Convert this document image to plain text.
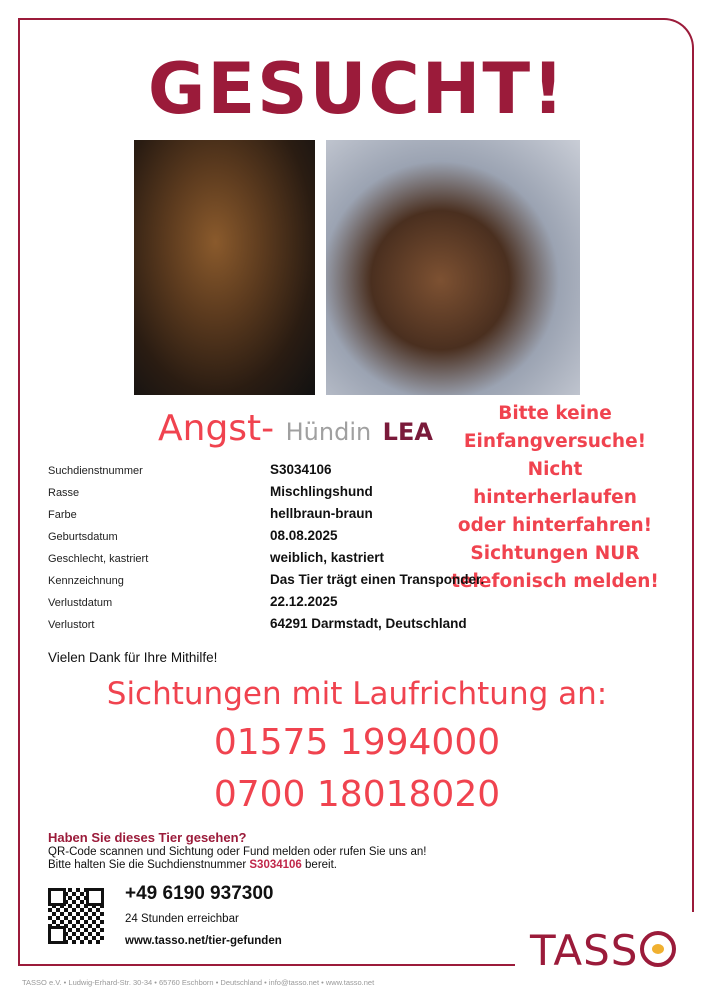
GESUCHT!
Angst- Hündin LEA
Bitte keine
Einfangversuche!
Nicht hinterherlaufen
oder hinterfahren!
Sichtungen NUR
telefonisch melden!
Suchdienstnummer	S3034106
Rasse	Mischlingshund
Farbe	hellbraun-braun
Geburtsdatum	08.08.2025
Geschlecht, kastriert	weiblich, kastriert
Kennzeichnung	Das Tier trägt einen Transponder.
Verlustdatum	22.12.2025
Verlustort	64291 Darmstadt, Deutschland
Vielen Dank für Ihre Mithilfe!
Sichtungen mit Laufrichtung an:
01575 1994000
0700 18018020
Haben Sie dieses Tier gesehen?
QR-Code scannen und Sichtung oder Fund melden oder rufen Sie uns an!
Bitte halten Sie die Suchdienstnummer S3034106 bereit.
+49 6190 937300
24 Stunden erreichbar
www.tasso.net/tier-gefunden	TASS
TASSO e.V. • Ludwig-Erhard-Str. 30-34 • 65760 Eschborn • Deutschland • info@tasso.net • www.tasso.net
